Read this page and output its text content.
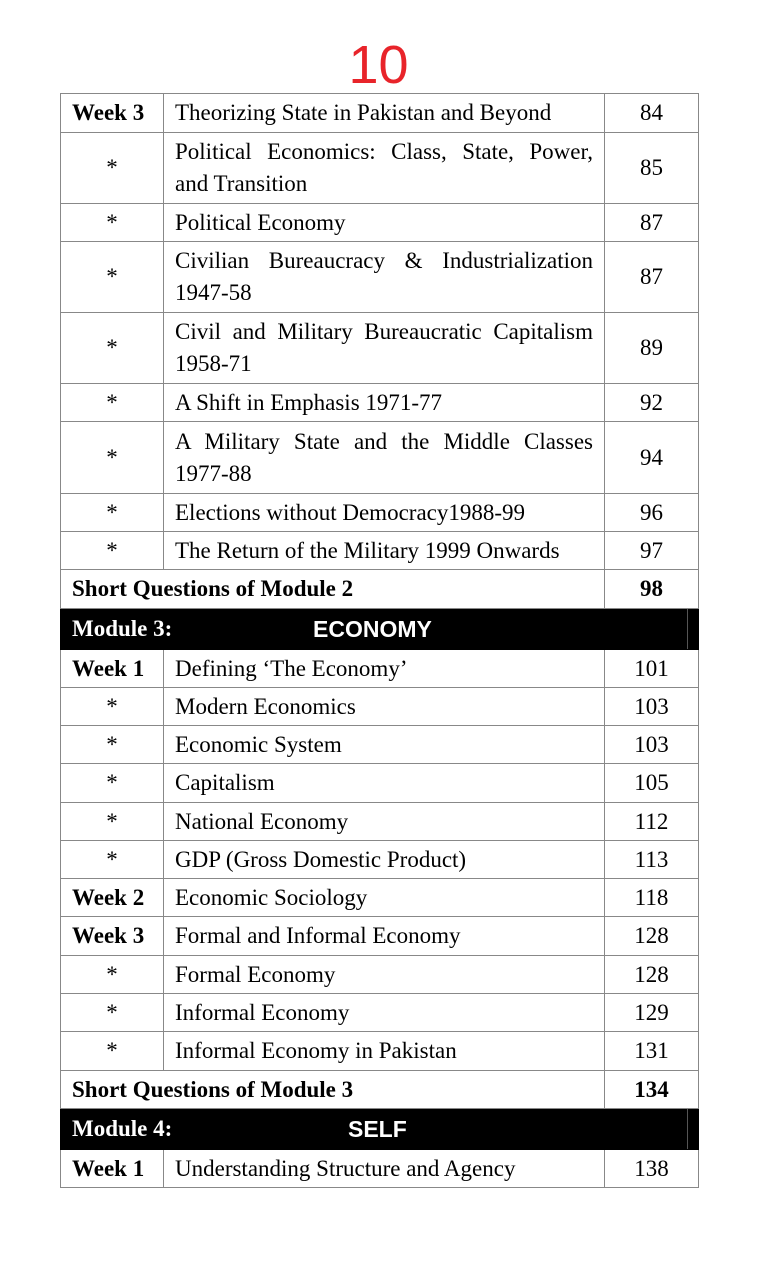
10
Week 3	Theorizing State in Pakistan and Beyond	84
*	Political Economics: Class, State, Power, and Transition	85
*	Political Economy	87
*	Civilian Bureaucracy & Industrialization 1947-58	87
*	Civil and Military Bureaucratic Capitalism 1958-71	89
*	A Shift in Emphasis 1971-77	92
*	A Military State and the Middle Classes 1977-88	94
*	Elections without Democracy1988-99	96
*	The Return of the Military 1999 Onwards	97
Short Questions of Module 2		98
Module 3: ECONOMY		

Week 1	Defining ‘The Economy’	101
*	Modern Economics	103
*	Economic System	103
*	Capitalism	105
*	National Economy	112
*	GDP (Gross Domestic Product)	113
Week 2	Economic Sociology	118
Week 3	Formal and Informal Economy	128
*	Formal Economy	128
*	Informal Economy	129
*	Informal Economy in Pakistan	131
Short Questions of Module 3		134
Module 4: SELF		

Week 1	Understanding Structure and Agency	138
